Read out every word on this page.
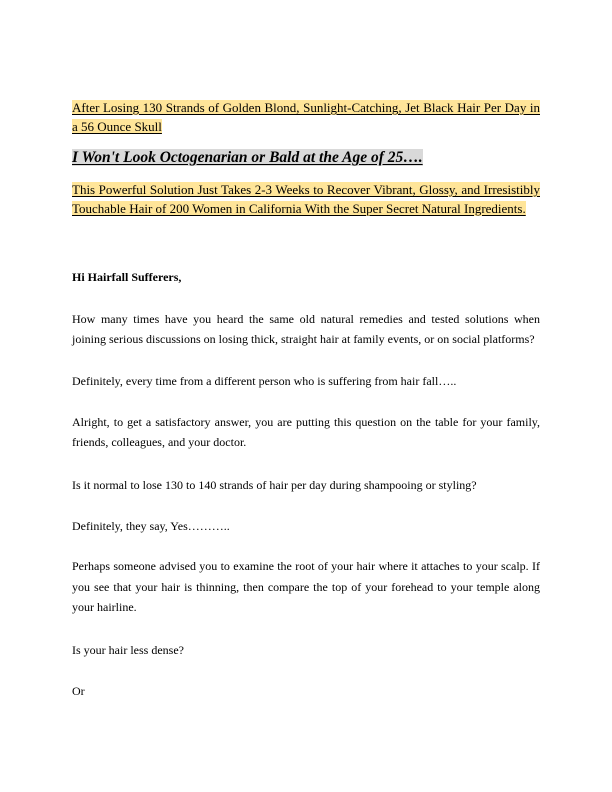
After Losing 130 Strands of Golden Blond, Sunlight-Catching, Jet Black Hair Per Day in a 56 Ounce Skull

I Won't Look Octogenarian or Bald at the Age of 25….

This Powerful Solution Just Takes 2-3 Weeks to Recover Vibrant, Glossy, and Irresistibly Touchable Hair of 200 Women in California With the Super Secret Natural Ingredients.

Hi Hairfall Sufferers,

How many times have you heard the same old natural remedies and tested solutions when joining serious discussions on losing thick, straight hair at family events, or on social platforms?

Definitely, every time from a different person who is suffering from hair fall…..

Alright, to get a satisfactory answer, you are putting this question on the table for your family, friends, colleagues, and your doctor.

Is it normal to lose 130 to 140 strands of hair per day during shampooing or styling?

Definitely, they say, Yes………..

Perhaps someone advised you to examine the root of your hair where it attaches to your scalp. If you see that your hair is thinning, then compare the top of your forehead to your temple along your hairline.

Is your hair less dense?

Or
